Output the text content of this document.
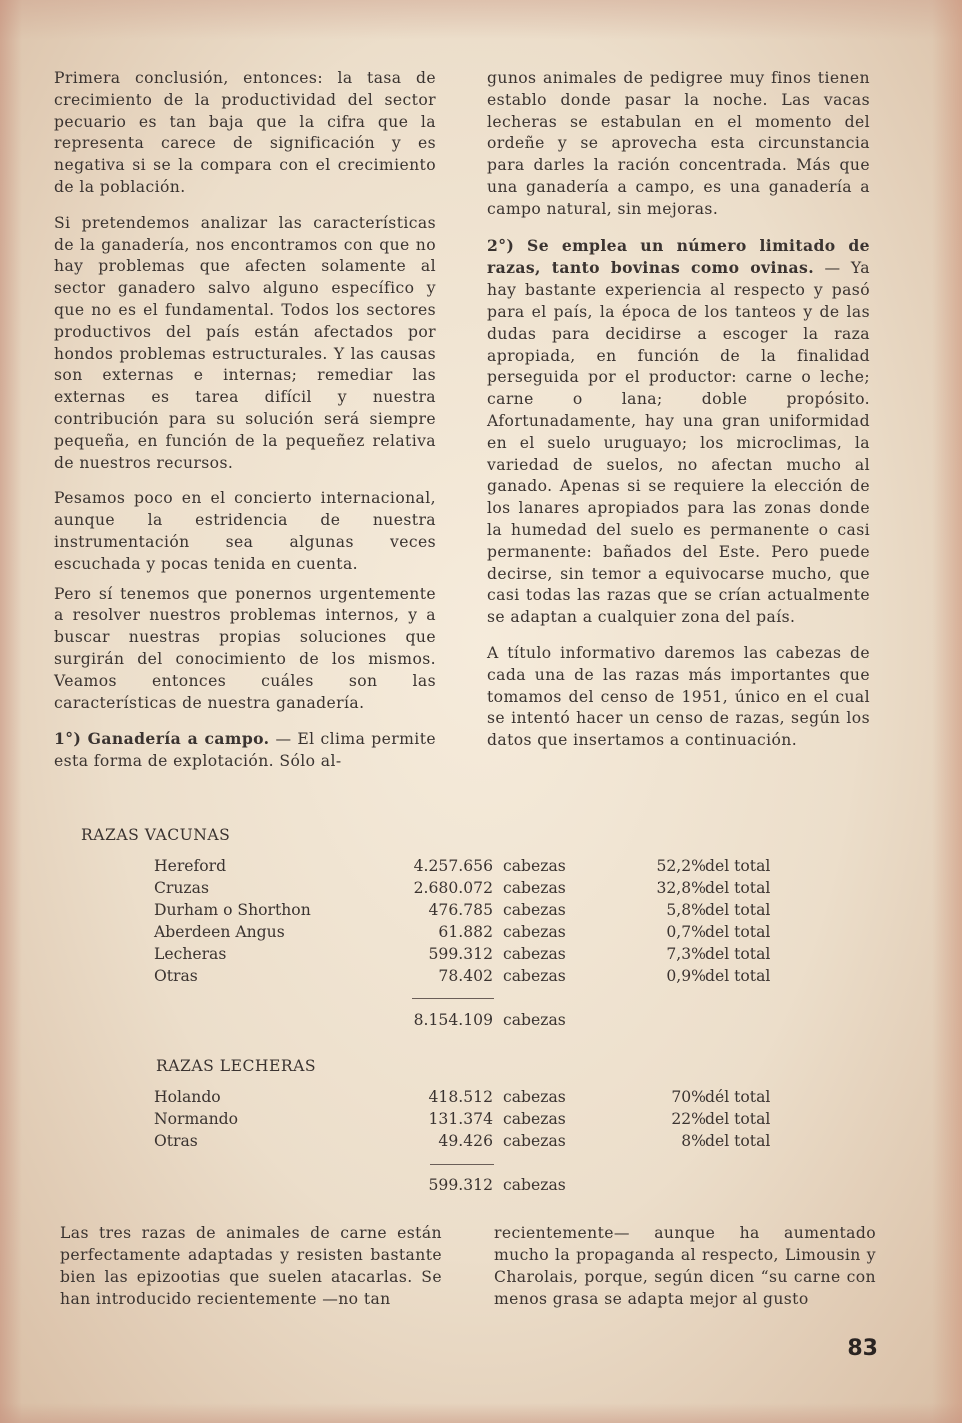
Primera conclusión, entonces: la tasa de crecimiento de la productividad del sector pecuario es tan baja que la cifra que la representa carece de significación y es negativa si se la compara con el crecimiento de la población.

Si pretendemos analizar las características de la ganadería, nos encontramos con que no hay problemas que afecten solamente al sector ganadero salvo alguno específico y que no es el fundamental. Todos los sectores productivos del país están afectados por hondos problemas estructurales. Y las causas son externas e internas; remediar las externas es tarea difícil y nuestra contribución para su solución será siempre pequeña, en función de la pequeñez relativa de nuestros recursos.

Pesamos poco en el concierto internacional, aunque la estridencia de nuestra instrumentación sea algunas veces escuchada y pocas tenida en cuenta.

Pero sí tenemos que ponernos urgentemente a resolver nuestros problemas internos, y a buscar nuestras propias soluciones que surgirán del conocimiento de los mismos. Veamos entonces cuáles son las características de nuestra ganadería.

1°) Ganadería a campo. — El clima permite esta forma de explotación. Sólo al-

gunos animales de pedigree muy finos tienen establo donde pasar la noche. Las vacas lecheras se estabulan en el momento del ordeñe y se aprovecha esta circunstancia para darles la ración concentrada. Más que una ganadería a campo, es una ganadería a campo natural, sin mejoras.

2°) Se emplea un número limitado de razas, tanto bovinas como ovinas. — Ya hay bastante experiencia al respecto y pasó para el país, la época de los tanteos y de las dudas para decidirse a escoger la raza apropiada, en función de la finalidad perseguida por el productor: carne o leche; carne o lana; doble propósito. Afortunadamente, hay una gran uniformidad en el suelo uruguayo; los microclimas, la variedad de suelos, no afectan mucho al ganado. Apenas si se requiere la elección de los lanares apropiados para las zonas donde la humedad del suelo es permanente o casi permanente: bañados del Este. Pero puede decirse, sin temor a equivocarse mucho, que casi todas las razas que se crían actualmente se adaptan a cualquier zona del país.

A título informativo daremos las cabezas de cada una de las razas más importantes que tomamos del censo de 1951, único en el cual se intentó hacer un censo de razas, según los datos que insertamos a continuación.

RAZAS VACUNAS
Hereford	4.257.656 cabezas	52,2% del total
Cruzas	2.680.072 cabezas	32,8% del total
Durham o Shorthon	476.785 cabezas	5,8% del total
Aberdeen Angus	61.882 cabezas	0,7% del total
Lecheras	599.312 cabezas	7,3% del total
Otras	78.402 cabezas	0,9% del total
8.154.109 cabezas
RAZAS LECHERAS
Holando	418.512 cabezas	70% dél total
Normando	131.374 cabezas	22% del total
Otras	49.426 cabezas	8% del total
599.312 cabezas
Las tres razas de animales de carne están perfectamente adaptadas y resisten bastante bien las epizootias que suelen atacarlas. Se han introducido recientemente —no tan
recientemente— aunque ha aumentado mucho la propaganda al respecto, Limousin y Charolais, porque, según dicen “su carne con menos grasa se adapta mejor al gusto
83
